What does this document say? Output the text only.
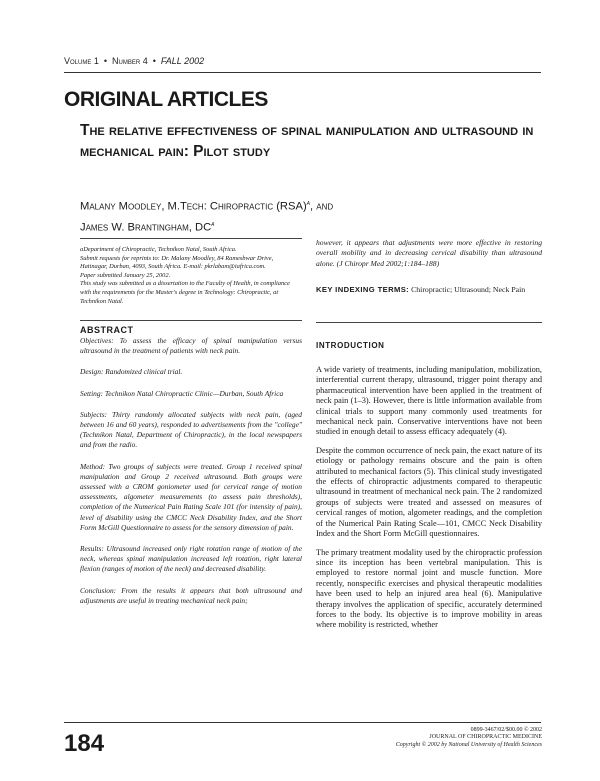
Volume 1 • Number 4 • FALL 2002
ORIGINAL ARTICLES
The relative effectiveness of spinal manipulation and ultrasound in mechanical pain: Pilot study
Malany Moodley, M.Tech: Chiropractic (RSA)$^a$, and
James W. Brantingham, $DC^a$

aDepartment of Chiropractic, Technikon Natal, South Africa.

Submit requests for reprints to: Dr. Malany Moodley, 84 Ramesbwar Drive, Hatinagar, Durban, 4093, South Africa. E-mail: pkrlabam@iafrica.com.

Paper submitted January 25, 2002.

This study was submitted as a dissertation to the Faculty of Health, in compliance with the requirements for the Master's degree in Technology: Chiropractic, at Technikon Natal.

ABSTRACT

Objectives: To assess the efficacy of spinal manipulation versus ultrasound in the treatment of patients with neck pain.

Design: Randomized clinical trial.

Setting: Technikon Natal Chiropractic Clinic—Durban, South Africa

Subjects: Thirty randomly allocated subjects with neck pain, (aged between 16 and 60 years), responded to advertisements from the "college" (Technikon Natal, Department of Chiropractic), in the local newspapers and from the radio.

Method: Two groups of subjects were treated. Group 1 received spinal manipulation and Group 2 received ultrasound. Both groups were assessed with a CROM goniometer used for cervical range of motion assessments, algometer measurements (to assess pain thresholds), completion of the Numerical Pain Rating Scale 101 (for intensity of pain), level of disability using the CMCC Neck Disability Index, and the Short Form McGill Questionnaire to assess for the sensory dimension of pain.

Results: Ultrasound increased only right rotation range of motion of the neck, whereas spinal manipulation increased left rotation, right lateral flexion (ranges of motion of the neck) and decreased disability.

Conclusion: From the results it appears that both ultrasound and adjustments are useful in treating mechanical neck pain;

however, it appears that adjustments were more effective in restoring overall mobility and in decreasing cervical disability than ultrasound alone. (J Chiropr Med 2002;1:184–188)
KEY INDEXING TERMS: Chiropractic; Ultrasound; Neck Pain
INTRODUCTION

A wide variety of treatments, including manipulation, mobilization, interferential current therapy, ultrasound, trigger point therapy and pharmaceutical intervention have been applied in the treatment of neck pain (1–3). However, there is little information available from clinical trials to support many commonly used treatments for mechanical neck pain. Conservative interventions have not been studied in enough detail to assess efficacy adequately (4).

Despite the common occurrence of neck pain, the exact nature of its etiology or pathology remains obscure and the pain is often attributed to mechanical factors (5). This clinical study investigated the effects of chiropractic adjustments compared to therapeutic ultrasound in treatment of mechanical neck pain. The 2 randomized groups of subjects were treated and assessed on measures of cervical ranges of motion, algometer readings, and the completion of the Numerical Pain Rating Scale—101, CMCC Neck Disability Index and the Short Form McGill questionnaires.

The primary treatment modality used by the chiropractic profession since its inception has been vertebral manipulation. This is employed to restore normal joint and muscle function. More recently, nonspecific exercises and physical therapeutic modalities have been used to help an injured area heal (6). Manipulative therapy involves the application of specific, accurately determined forces to the body. Its objective is to improve mobility in areas where mobility is restricted, whether

184	0899-3467/02/$00.00 © 2002
JOURNAL OF CHIROPRACTIC MEDICINE
Copyright © 2002 by National University of Health Sciences
